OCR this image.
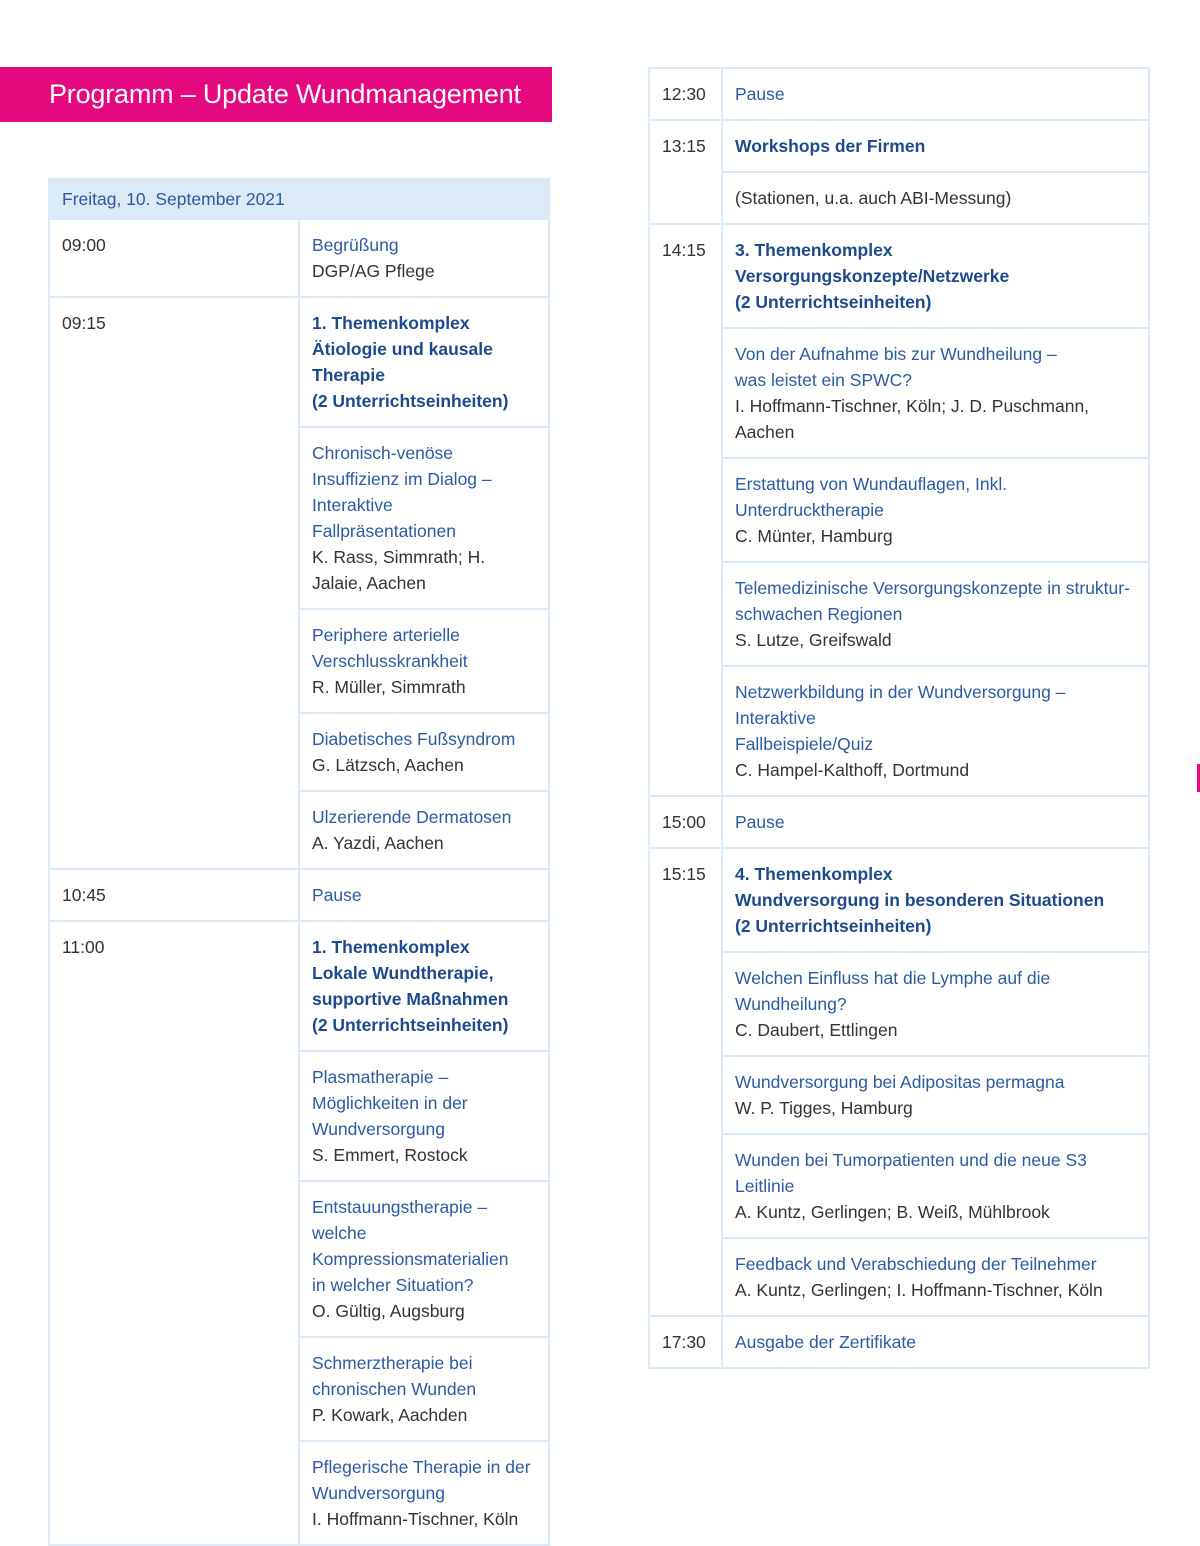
Programm – Update Wundmanagement
Freitag, 10. September 2021	
09:00	Begrüßung
DGP/AG Pflege

09:15	1. Themenkomplex
Ätiologie und kausale Therapie
(2 Unterrichtseinheiten)

	Chronisch-venöse Insuffizienz im Dialog – Interaktive
Fallpräsentationen
K. Rass, Simmrath; H. Jalaie, Aachen

	Periphere arterielle Verschlusskrankheit
R. Müller, Simmrath

	Diabetisches Fußsyndrom
G. Lätzsch, Aachen

	Ulzerierende Dermatosen
A. Yazdi, Aachen

10:45	Pause

11:00	1. Themenkomplex
Lokale Wundtherapie, supportive Maßnahmen
(2 Unterrichtseinheiten)

	Plasmatherapie – Möglichkeiten in der Wundversorgung
S. Emmert, Rostock

	Entstauungstherapie – welche Kompressionsmaterialien
in welcher Situation?
O. Gültig, Augsburg

	Schmerztherapie bei chronischen Wunden
P. Kowark, Aachden

	Pflegerische Therapie in der Wundversorgung
I. Hoffmann-Tischner, Köln
12:30	Pause

13:15	Workshops der Firmen

	(Stationen, u.a. auch ABI-Messung)

14:15	3. Themenkomplex
Versorgungskonzepte/Netzwerke
(2 Unterrichtseinheiten)

	Von der Aufnahme bis zur Wundheilung –
was leistet ein SPWC?
I. Hoffmann-Tischner, Köln; J. D. Puschmann, Aachen

	Erstattung von Wundauflagen, Inkl. Unterdrucktherapie
C. Münter, Hamburg

	Telemedizinische Versorgungskonzepte in struktur-
schwachen Regionen
S. Lutze, Greifswald

	Netzwerkbildung in der Wundversorgung – Interaktive
Fallbeispiele/Quiz
C. Hampel-Kalthoff, Dortmund

15:00	Pause

15:15	4. Themenkomplex
Wundversorgung in besonderen Situationen
(2 Unterrichtseinheiten)

	Welchen Einfluss hat die Lymphe auf die Wundheilung?
C. Daubert, Ettlingen

	Wundversorgung bei Adipositas permagna
W. P. Tigges, Hamburg

	Wunden bei Tumorpatienten und die neue S3 Leitlinie
A. Kuntz, Gerlingen; B. Weiß, Mühlbrook

	Feedback und Verabschiedung der Teilnehmer
A. Kuntz, Gerlingen; I. Hoffmann-Tischner, Köln

17:30	Ausgabe der Zertifikate
